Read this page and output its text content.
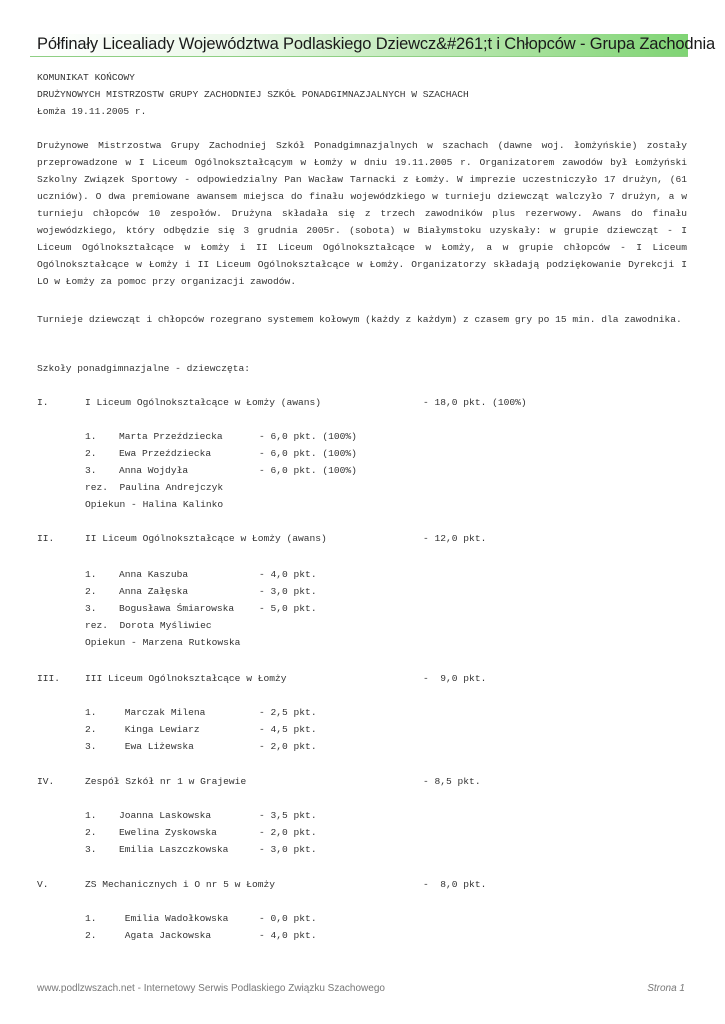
Półfinały Licealiady Województwa Podlaskiego Dziewcz&#261;t i Chłopców - Grupa Zachodnia
KOMUNIKAT KOŃCOWY
DRUŻYNOWYCH MISTRZOSTW GRUPY ZACHODNIEJ SZKÓŁ PONADGIMNAZJALNYCH W SZACHACH
Łomża 19.11.2005 r.

Drużynowe Mistrzostwa Grupy Zachodniej Szkół Ponadgimnazjalnych w szachach (dawne woj. łomżyńskie) zostały przeprowadzone w I Liceum Ogólnokształcącym w Łomży w dniu 19.11.2005 r. Organizatorem zawodów był Łomżyński Szkolny Związek Sportowy - odpowiedzialny Pan Wacław Tarnacki z Łomży. W imprezie uczestniczyło 17 drużyn, (61 uczniów). O dwa premiowane awansem miejsca do finału wojewódzkiego w turnieju dziewcząt walczyło 7 drużyn, a w turnieju chłopców 10 zespołów. Drużyna składała się z trzech zawodników plus rezerwowy. Awans do finału wojewódzkiego, który odbędzie się 3 grudnia 2005r. (sobota) w Białymstoku uzyskały: w grupie dziewcząt - I Liceum Ogólnokształcące w Łomży i II Liceum Ogólnokształcące w Łomży, a w grupie chłopców - I Liceum Ogólnokształcące w Łomży i II Liceum Ogólnokształcące w Łomży. Organizatorzy składają podziękowanie Dyrekcji I LO w Łomży za pomoc przy organizacji zawodów.

Turnieje dziewcząt i chłopców rozegrano systemem kołowym (każdy z każdym) z czasem gry po 15 min. dla zawodnika.

Szkoły ponadgimnazjalne - dziewczęta:
I.	I Liceum Ogólnokształcące w Łomży (awans)	- 18,0 pkt. (100%)
1. Marta Przeździecka	- 6,0 pkt. (100%)
2. Ewa Przeździecka	- 6,0 pkt. (100%)
3. Anna Wojdyła	- 6,0 pkt. (100%)
rez.  Paulina Andrejczyk
Opiekun - Halina Kalinko
II.	II Liceum Ogólnokształcące w Łomży (awans)	- 12,0 pkt.
1. Anna Kaszuba	- 4,0 pkt.
2. Anna Załęska	- 3,0 pkt.
3. Bogusława Śmiarowska	- 5,0 pkt.
rez.  Dorota Myśliwiec
Opiekun - Marzena Rutkowska
III.	III Liceum Ogólnokształcące w Łomży	-  9,0 pkt.
1. Marczak Milena	- 2,5 pkt.
2. Kinga Lewiarz	- 4,5 pkt.
3. Ewa Liżewska	- 2,0 pkt.
IV.	Zespół Szkół nr 1 w Grajewie	- 8,5 pkt.
1. Joanna Laskowska	- 3,5 pkt.
2. Ewelina Zyskowska	- 2,0 pkt.
3. Emilia Laszczkowska	- 3,0 pkt.
V.	ZS Mechanicznych i O nr 5 w Łomży	-  8,0 pkt.
1. Emilia Wadołkowska	- 0,0 pkt.
2. Agata Jackowska	- 4,0 pkt.
www.podlzwszach.net - Internetowy Serwis Podlaskiego Związku Szachowego	Strona 1
